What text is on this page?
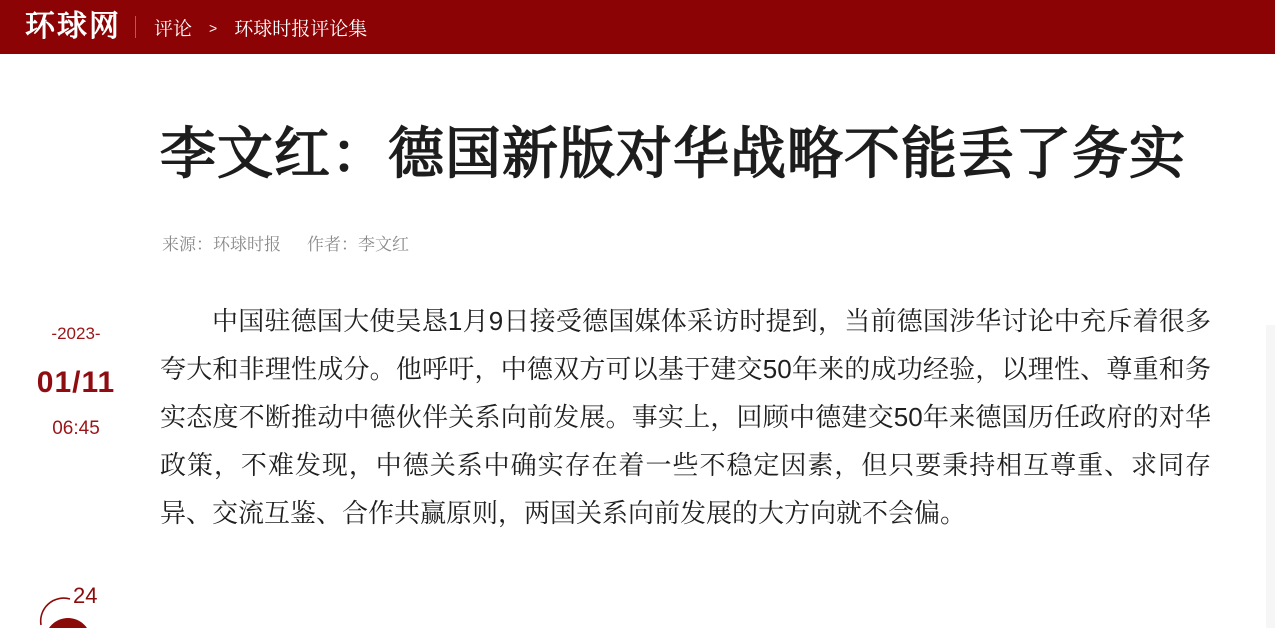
环球网 评论 > 环球时报评论集
李文红：德国新版对华战略不能丢了务实
来源：环球时报 作者：李文红
-2023-
01/11
06:45

中国驻德国大使吴恳1月9日接受德国媒体采访时提到，当前德国涉华讨论中充斥着很多夸大和非理性成分。他呼吁，中德双方可以基于建交50年来的成功经验，以理性、尊重和务实态度不断推动中德伙伴关系向前发展。事实上，回顾中德建交50年来德国历任政府的对华政策，不难发现，中德关系中确实存在着一些不稳定因素，但只要秉持相互尊重、求同存异、交流互鉴、合作共赢原则，两国关系向前发展的大方向就不会偏。

24
